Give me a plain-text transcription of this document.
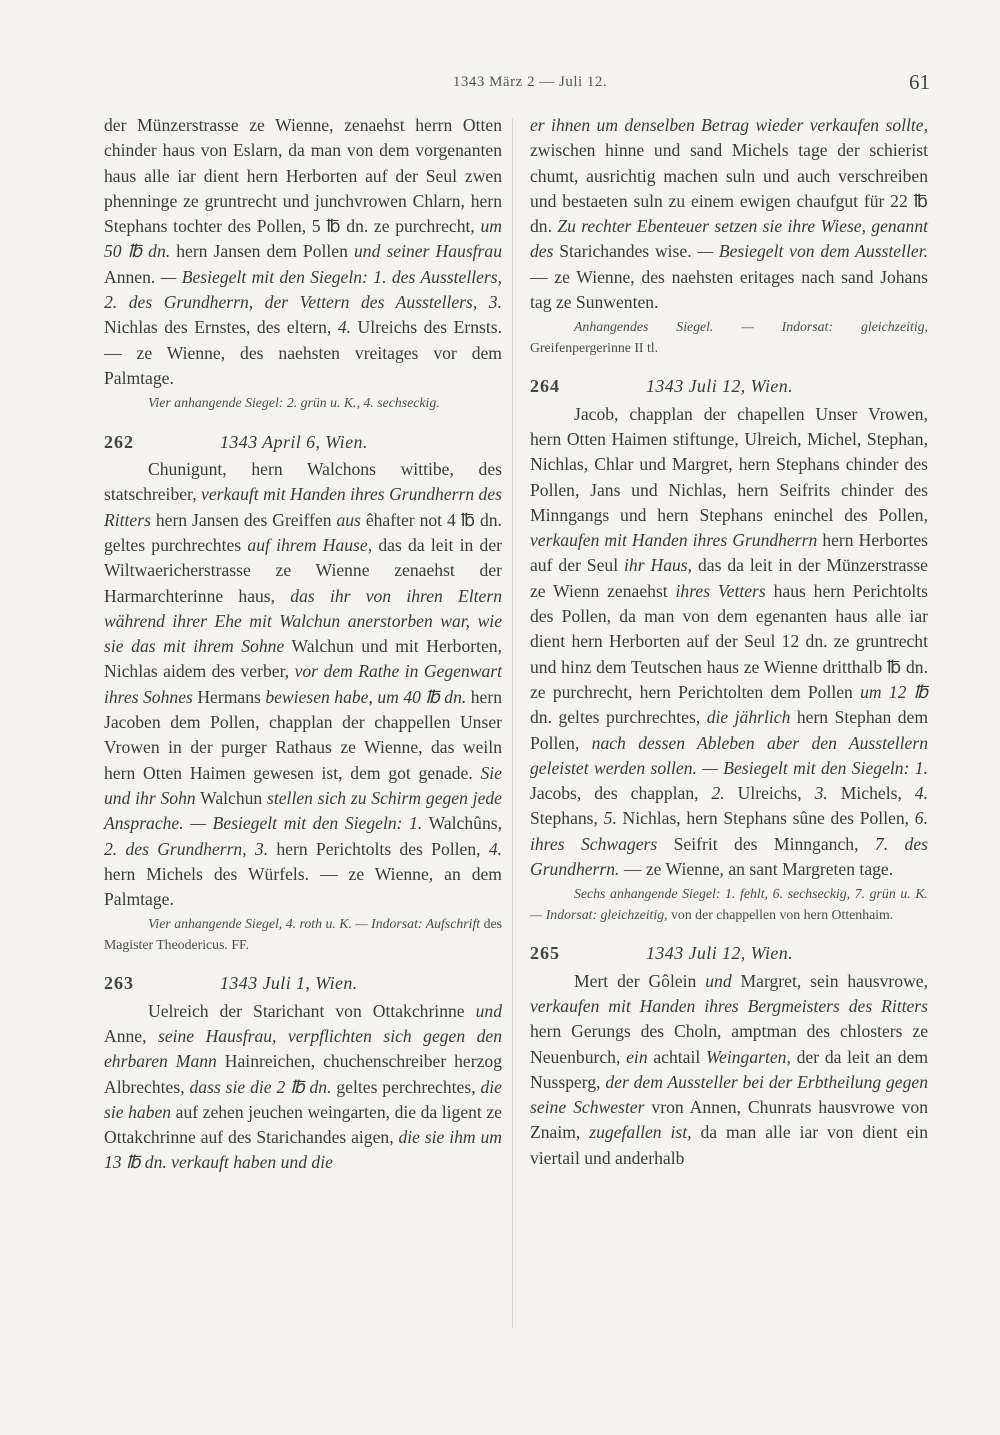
1343 März 2 — Juli 12.	61

der Münzerstrasse ze Wienne, zenaehst herrn Otten chinder haus von Eslarn, da man von dem vorgenanten haus alle iar dient hern Herborten auf der Seul zwen phenninge ze gruntrecht und junchvrowen Chlarn, hern Stephans tochter des Pollen, 5 ℔ dn. ze purchrecht, um 50 ℔ dn. hern Jansen dem Pollen und seiner Hausfrau Annen. — Besiegelt mit den Siegeln: 1. des Ausstellers, 2. des Grundherrn, der Vettern des Ausstellers, 3. Nichlas des Ernstes, des eltern, 4. Ulreichs des Ernsts. — ze Wienne, des naehsten vreitages vor dem Palmtage.

Vier anhangende Siegel: 2. grün u. K., 4. sechseckig.

262	1343 April 6, Wien.

Chunigunt, hern Walchons wittibe, des statschreiber, verkauft mit Handen ihres Grundherrn des Ritters hern Jansen des Greiffen aus êhafter not 4 ℔ dn. geltes purchrechtes auf ihrem Hause, das da leit in der Wiltwaericherstrasse ze Wienne zenaehst der Harmarchterinne haus, das ihr von ihren Eltern während ihrer Ehe mit Walchun anerstorben war, wie sie das mit ihrem Sohne Walchun und mit Herborten, Nichlas aidem des verber, vor dem Rathe in Gegenwart ihres Sohnes Hermans bewiesen habe, um 40 ℔ dn. hern Jacoben dem Pollen, chapplan der chappellen Unser Vrowen in der purger Rathaus ze Wienne, das weiln hern Otten Haimen gewesen ist, dem got genade. Sie und ihr Sohn Walchun stellen sich zu Schirm gegen jede Ansprache. — Besiegelt mit den Siegeln: 1. Walchûns, 2. des Grundherrn, 3. hern Perichtolts des Pollen, 4. hern Michels des Würfels. — ze Wienne, an dem Palmtage.

Vier anhangende Siegel, 4. roth u. K. — Indorsat: Aufschrift des Magister Theodericus. FF.

263	1343 Juli 1, Wien.

Uelreich der Starichant von Ottakchrinne und Anne, seine Hausfrau, verpflichten sich gegen den ehrbaren Mann Hainreichen, chuchenschreiber herzog Albrechtes, dass sie die 2 ℔ dn. geltes perchrechtes, die sie haben auf zehen jeuchen weingarten, die da ligent ze Ottakchrinne auf des Starichandes aigen, die sie ihm um 13 ℔ dn. verkauft haben und die

er ihnen um denselben Betrag wieder verkaufen sollte, zwischen hinne und sand Michels tage der schierist chumt, ausrichtig machen suln und auch verschreiben und bestaeten suln zu einem ewigen chaufgut für 22 ℔ dn. Zu rechter Ebenteuer setzen sie ihre Wiese, genannt des Starichandes wise. — Besiegelt von dem Aussteller. — ze Wienne, des naehsten eritages nach sand Johans tag ze Sunwenten.

Anhangendes Siegel. — Indorsat: gleichzeitig, Greifenpergerinne II tl.

264	1343 Juli 12, Wien.

Jacob, chapplan der chapellen Unser Vrowen, hern Otten Haimen stiftunge, Ulreich, Michel, Stephan, Nichlas, Chlar und Margret, hern Stephans chinder des Pollen, Jans und Nichlas, hern Seifrits chinder des Minngangs und hern Stephans eninchel des Pollen, verkaufen mit Handen ihres Grundherrn hern Herbortes auf der Seul ihr Haus, das da leit in der Münzerstrasse ze Wienn zenaehst ihres Vetters haus hern Perichtolts des Pollen, da man von dem egenanten haus alle iar dient hern Herborten auf der Seul 12 dn. ze gruntrecht und hinz dem Teutschen haus ze Wienne dritthalb ℔ dn. ze purchrecht, hern Perichtolten dem Pollen um 12 ℔ dn. geltes purchrechtes, die jährlich hern Stephan dem Pollen, nach dessen Ableben aber den Ausstellern geleistet werden sollen. — Besiegelt mit den Siegeln: 1. Jacobs, des chapplan, 2. Ulreichs, 3. Michels, 4. Stephans, 5. Nichlas, hern Stephans sûne des Pollen, 6. ihres Schwagers Seifrit des Minnganch, 7. des Grundherrn. — ze Wienne, an sant Margreten tage.

Sechs anhangende Siegel: 1. fehlt, 6. sechseckig, 7. grün u. K. — Indorsat: gleichzeitig, von der chappellen von hern Ottenhaim.

265	1343 Juli 12, Wien.

Mert der Gôlein und Margret, sein hausvrowe, verkaufen mit Handen ihres Bergmeisters des Ritters hern Gerungs des Choln, amptman des chlosters ze Neuenburch, ein achtail Weingarten, der da leit an dem Nussperg, der dem Aussteller bei der Erbtheilung gegen seine Schwester vron Annen, Chunrats hausvrowe von Znaim, zugefallen ist, da man alle iar von dient ein viertail und anderhalb
